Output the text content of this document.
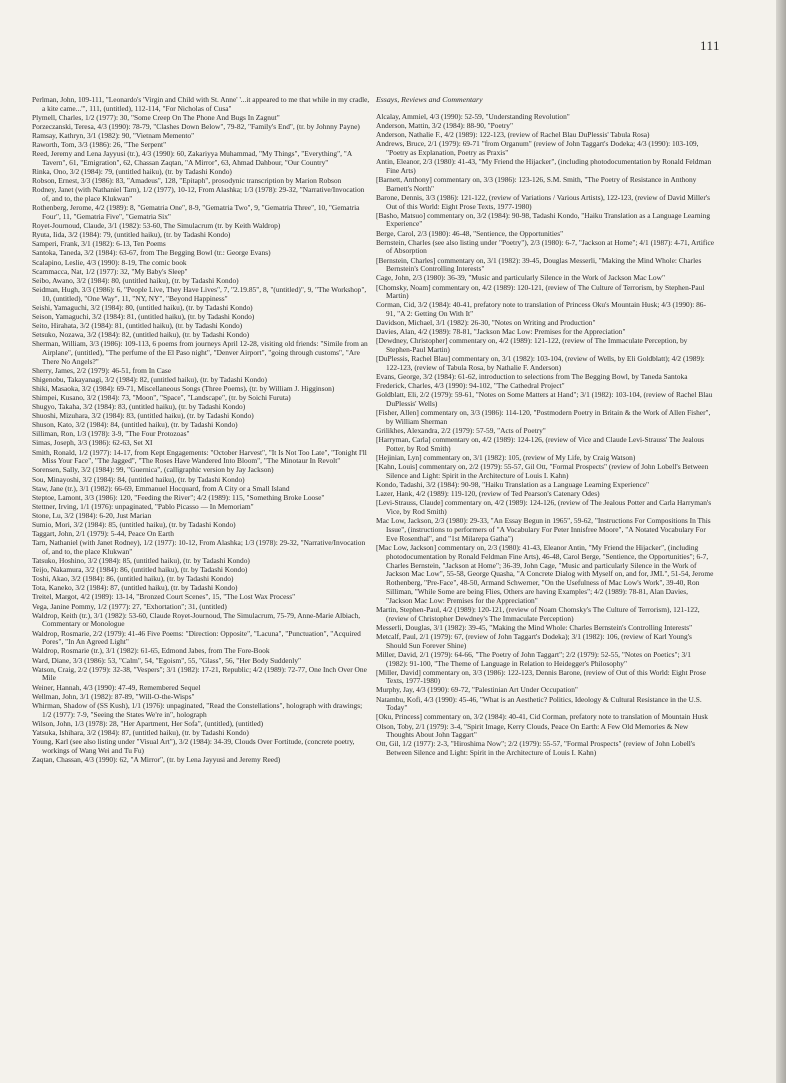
111

Perlman, John, 109-111, "Leonardo's 'Virgin and Child with St. Anne' '...it appeared to me that while in my cradle, a kite came...'", 111, (untitled), 112-114, "For Nicholas of Cusa"

Plymell, Charles, 1/2 (1977): 30, "Some Creep On The Phone And Bugs In Zagnut"

Porzeczanski, Teresa, 4/3 (1990): 78-79, "Clashes Down Below", 79-82, "Family's End", (tr. by Johnny Payne)

Ramsay, Kathryn, 3/1 (1982): 90, "Vietnam Memento"

Raworth, Tom, 3/3 (1986): 26, "The Serpent"

Reed, Jeremy and Lena Jayyusi (tr.), 4/3 (1990): 60, Zakariyya Muhammad, "My Things", "Everything", "A Tavern", 61, "Emigration", 62, Chassan Zaqtan, "A Mirror", 63, Ahmad Dahbour, "Our Country"

Rinka, Ono, 3/2 (1984): 79, (untitled haiku), (tr. by Tadashi Kondo)

Robson, Ernest, 3/3 (1986): 83, "Amadeus", 128, "Epitaph", prosodynic transcription by Marion Robson

Rodney, Janet (with Nathaniel Tarn), 1/2 (1977), 10-12, From Alashka; 1/3 (1978): 29-32, "Narrative/Invocation of, and to, the place Klukwan"

Rothenberg, Jerome, 4/2 (1989): 8, "Gematria One", 8-9, "Gematria Two", 9, "Gematria Three", 10, "Gematria Four", 11, "Gematria Five", "Gematria Six"

Royet-Journoud, Claude, 3/1 (1982): 53-60, The Simulacrum (tr. by Keith Waldrop)

Ryuta, Iida, 3/2 (1984): 79, (untitled haiku), (tr. by Tadashi Kondo)

Samperi, Frank, 3/1 (1982): 6-13, Ten Poems

Santoka, Taneda, 3/2 (1984): 63-67, from The Begging Bowl (tr.: George Evans)

Scalapino, Leslie, 4/3 (1990): 8-19, The comic book

Scammacca, Nat, 1/2 (1977): 32, "My Baby's Sleep"

Seibo, Awano, 3/2 (1984): 80, (untitled haiku), (tr. by Tadashi Kondo)

Seidman, Hugh, 3/3 (1986): 6, "People Live, They Have Lives", 7, "2.19.85", 8, "(untitled)", 9, "The Workshop", 10, (untitled), "One Way", 11, "NY, NY", "Beyond Happiness"

Seishi, Yamaguchi, 3/2 (1984): 80, (untitled haiku), (tr. by Tadashi Kondo)

Seison, Yamaguchi, 3/2 (1984): 81, (untitled haiku), (tr. by Tadashi Kondo)

Seito, Hirahata, 3/2 (1984): 81, (untitled haiku), (tr. by Tadashi Kondo)

Setsuko, Nozawa, 3/2 (1984): 82, (untitled haiku), (tr. by Tadashi Kondo)

Sherman, William, 3/3 (1986): 109-113, 6 poems from journeys April 12-28, visiting old friends: "Simile from an Airplane", (untitled), "The perfume of the El Paso night", "Denver Airport", "going through customs", "Are There No Angels?"

Sherry, James, 2/2 (1979): 46-51, from In Case

Shigenobu, Takayanagi, 3/2 (1984): 82, (untitled haiku), (tr. by Tadashi Kondo)

Shiki, Masaoka, 3/2 (1984): 69-71, Miscellaneous Songs (Three Poems), (tr. by William J. Higginson)

Shimpei, Kusano, 3/2 (1984): 73, "Moon", "Space", "Landscape", (tr. by Soichi Furuta)

Shugyo, Takaha, 3/2 (1984): 83, (untitled haiku), (tr. by Tadashi Kondo)

Shuoshi, Mizuhara, 3/2 (1984): 83, (untitled haiku), (tr. by Tadashi Kondo)

Shuson, Kato, 3/2 (1984): 84, (untitled haiku), (tr. by Tadashi Kondo)

Silliman, Ron, 1/3 (1978): 3-9, "The Four Protozoas"

Simas, Joseph, 3/3 (1986): 62-63, Set XI

Smith, Ronald, 1/2 (1977): 14-17, from Kept Engagements: "October Harvest", "It Is Not Too Late", "Tonight I'll Miss Your Face", "The Jagged", "The Roses Have Wandered Into Bloom", "The Minotaur In Revolt"

Sorensen, Sally, 3/2 (1984): 99, "Guernica", (calligraphic version by Jay Jackson)

Sou, Minayoshi, 3/2 (1984): 84, (untitled haiku), (tr. by Tadashi Kondo)

Staw, Jane (tr.), 3/1 (1982): 66-69, Emmanuel Hocquard, from A City or a Small Island

Steptoe, Lamont, 3/3 (1986): 120, "Feeding the River"; 4/2 (1989): 115, "Something Broke Loose"

Stettner, Irving, 1/1 (1976): unpaginated, "Pablo Picasso — In Memoriam"

Stone, Lu, 3/2 (1984): 6-20, Just Marian

Sumio, Mori, 3/2 (1984): 85, (untitled haiku), (tr. by Tadashi Kondo)

Taggart, John, 2/1 (1979): 5-44, Peace On Earth

Tarn, Nathaniel (with Janet Rodney), 1/2 (1977): 10-12, From Alashka; 1/3 (1978): 29-32, "Narrative/Invocation of, and to, the place Klukwan"

Tatsuko, Hoshino, 3/2 (1984): 85, (untitled haiku), (tr. by Tadashi Kondo)

Teijo, Nakamura, 3/2 (1984): 86, (untitled haiku), (tr. by Tadashi Kondo)

Toshi, Akao, 3/2 (1984): 86, (untitled haiku), (tr. by Tadashi Kondo)

Tota, Kaneko, 3/2 (1984): 87, (untitled haiku), (tr. by Tadashi Kondo)

Treitel, Margot, 4/2 (1989): 13-14, "Bronzed Court Scenes", 15, "The Lost Wax Process"

Vega, Janine Pommy, 1/2 (1977): 27, "Exhortation"; 31, (untitled)

Waldrop, Keith (tr.), 3/1 (1982): 53-60, Claude Royet-Journoud, The Simulacrum, 75-79, Anne-Marie Albiach, Commentary or Monologue

Waldrop, Rosmarie, 2/2 (1979): 41-46 Five Poems: "Direction: Opposite", "Lacuna", "Punctuation", "Acquired Pores", "In An Agreed Light"

Waldrop, Rosmarie (tr.), 3/1 (1982): 61-65, Edmond Jabes, from The Fore-Book

Ward, Diane, 3/3 (1986): 53, "Calm", 54, "Egoism", 55, "Glass", 56, "Her Body Suddenly"

Watson, Craig, 2/2 (1979): 32-38, "Vespers"; 3/1 (1982): 17-21, Republic; 4/2 (1989): 72-77, One Inch Over One Mile

Weiner, Hannah, 4/3 (1990): 47-49, Remembered Sequel

Wellman, John, 3/1 (1982): 87-89, "Will-O-the-Wisps"

Whirman, Shadow of (SS Kush), 1/1 (1976): unpaginated, "Read the Constellations", holograph with drawings; 1/2 (1977): 7-9, "Seeing the States We're in", holograph

Wilson, John, 1/3 (1978): 28, "Her Apartment, Her Sofa", (untitled), (untitled)

Yatsuka, Ishihara, 3/2 (1984): 87, (untitled haiku), (tr. by Tadashi Kondo)

Young, Karl (see also listing under "Visual Art"), 3/2 (1984): 34-39, Clouds Over Fortitude, (concrete poetry, workings of Wang Wei and Tu Fu)

Zaqtan, Chassan, 4/3 (1990): 62, "A Mirror", (tr. by Lena Jayyusi and Jeremy Reed)

Essays, Reviews and Commentary

Alcalay, Ammiel, 4/3 (1990): 52-59, "Understanding Revolution"

Anderson, Mattin, 3/2 (1984): 88-90, "Poetry"

Anderson, Nathalie F., 4/2 (1989): 122-123, (review of Rachel Blau DuPlessis' Tabula Rosa)

Andrews, Bruce, 2/1 (1979): 69-71 "from Organum" (review of John Taggart's Dodeka; 4/3 (1990): 103-109, "Poetry as Explanation, Poetry as Praxis"

Antin, Eleanor, 2/3 (1980): 41-43, "My Friend the Hijacker", (including photodocumentation by Ronald Feldman Fine Arts)

[Barnett, Anthony] commentary on, 3/3 (1986): 123-126, S.M. Smith, "The Poetry of Resistance in Anthony Barnett's North"

Barone, Dennis, 3/3 (1986): 121-122, (review of Variations / Various Artists), 122-123, (review of David Miller's Out of this World: Eight Prose Texts, 1977-1980)

[Basho, Matsuo] commentary on, 3/2 (1984): 90-98, Tadashi Kondo, "Haiku Translation as a Language Learning Experience"

Berge, Carol, 2/3 (1980): 46-48, "Sentience, the Opportunities"

Bernstein, Charles (see also listing under "Poetry"), 2/3 (1980): 6-7, "Jackson at Home"; 4/1 (1987): 4-71, Artifice of Absorption

[Bernstein, Charles] commentary on, 3/1 (1982): 39-45, Douglas Messerli, "Making the Mind Whole: Charles Bernstein's Controlling Interests"

Cage, John, 2/3 (1980): 36-39, "Music and particularly Silence in the Work of Jackson Mac Low"

[Chomsky, Noam] commentary on, 4/2 (1989): 120-121, (review of The Culture of Terrorism, by Stephen-Paul Martin)

Corman, Cid, 3/2 (1984): 40-41, prefatory note to translation of Princess Oku's Mountain Husk; 4/3 (1990): 86-91, "A 2: Getting On With It"

Davidson, Michael, 3/1 (1982): 26-30, "Notes on Writing and Production"

Davies, Alan, 4/2 (1989): 78-81, "Jackson Mac Low: Premises for the Appreciation"

[Dewdney, Christopher] commentary on, 4/2 (1989): 121-122, (review of The Immaculate Perception, by Stephen-Paul Martin)

[DuPlessis, Rachel Blau] commentary on, 3/1 (1982): 103-104, (review of Wells, by Eli Goldblatt); 4/2 (1989): 122-123, (review of Tabula Rosa, by Nathalie F. Anderson)

Evans, George, 3/2 (1984): 61-62, introduction to selections from The Begging Bowl, by Taneda Santoka

Frederick, Charles, 4/3 (1990): 94-102, "The Cathedral Project"

Goldblatt, Eli, 2/2 (1979): 59-61, "Notes on Some Matters at Hand"; 3/1 (1982): 103-104, (review of Rachel Blau DuPlessis' Wells)

[Fisher, Allen] commentary on, 3/3 (1986): 114-120, "Postmodern Poetry in Britain & the Work of Allen Fisher", by William Sherman

Grilikhes, Alexandra, 2/2 (1979): 57-59, "Acts of Poetry"

[Harryman, Carla] commentary on, 4/2 (1989): 124-126, (review of Vice and Claude Levi-Strauss' The Jealous Potter, by Rod Smith)

[Hejinian, Lyn] commentary on, 3/1 (1982): 105, (review of My Life, by Craig Watson)

[Kahn, Louis] commentary on, 2/2 (1979): 55-57, Gil Ott, "Formal Prospects" (review of John Lobell's Between Silence and Light: Spirit in the Architecture of Louis I. Kahn)

Kondo, Tadashi, 3/2 (1984): 90-98, "Haiku Translation as a Language Learning Experience"

Lazer, Hank, 4/2 (1989): 119-120, (review of Ted Pearson's Catenary Odes)

[Levi-Strauss, Claude] commentary on, 4/2 (1989): 124-126, (review of The Jealous Potter and Carla Harryman's Vice, by Rod Smith)

Mac Low, Jackson, 2/3 (1980): 29-33, "An Essay Begun in 1965", 59-62, "Instructions For Compositions In This Issue", (instructions to performers of "A Vocabulary For Peter Innisfree Moore", "A Notated Vocabulary For Eve Rosenthal", and "1st Milarepa Gatha")

[Mac Low, Jackson] commentary on, 2/3 (1980): 41-43, Eleanor Antin, "My Friend the Hijacker", (including photodocumentation by Ronald Feldman Fine Arts), 46-48, Carol Berge, "Sentience, the Opportunities"; 6-7, Charles Bernstein, "Jackson at Home"; 36-39, John Cage, "Music and particularly Silence in the Work of Jackson Mac Low", 55-58, George Quasha, "A Concrete Dialog with Myself on, and for, JML", 51-54, Jerome Rothenberg, "Pre-Face", 48-50, Armand Schwerner, "On the Usefulness of Mac Low's Work", 39-40, Ron Silliman, "While Some are being Flies, Others are having Examples"; 4/2 (1989): 78-81, Alan Davies, "Jackson Mac Low: Premises for the Appreciation"

Martin, Stephen-Paul, 4/2 (1989): 120-121, (review of Noam Chomsky's The Culture of Terrorism), 121-122, (review of Christopher Dewdney's The Immaculate Perception)

Messerli, Douglas, 3/1 (1982): 39-45, "Making the Mind Whole: Charles Bernstein's Controlling Interests"

Metcalf, Paul, 2/1 (1979): 67, (review of John Taggart's Dodeka); 3/1 (1982): 106, (review of Karl Young's Should Sun Forever Shine)

Miller, David, 2/1 (1979): 64-66, "The Poetry of John Taggart"; 2/2 (1979): 52-55, "Notes on Poetics"; 3/1 (1982): 91-100, "The Theme of Language in Relation to Heidegger's Philosophy"

[Miller, David] commentary on, 3/3 (1986): 122-123, Dennis Barone, (review of Out of this World: Eight Prose Texts, 1977-1980)

Murphy, Jay, 4/3 (1990): 69-72, "Palestinian Art Under Occupation"

Natambu, Kofi, 4/3 (1990): 45-46, "What is an Aesthetic? Politics, Ideology & Cultural Resistance in the U.S. Today"

[Oku, Princess] commentary on, 3/2 (1984): 40-41, Cid Corman, prefatory note to translation of Mountain Husk

Olson, Toby, 2/1 (1979): 3-4, "Spirit Image, Kerry Clouds, Peace On Earth: A Few Old Memories & New Thoughts About John Taggart"

Ott, Gil, 1/2 (1977): 2-3, "Hiroshima Now"; 2/2 (1979): 55-57, "Formal Prospects" (review of John Lobell's Between Silence and Light: Spirit in the Architecture of Louis I. Kahn)
